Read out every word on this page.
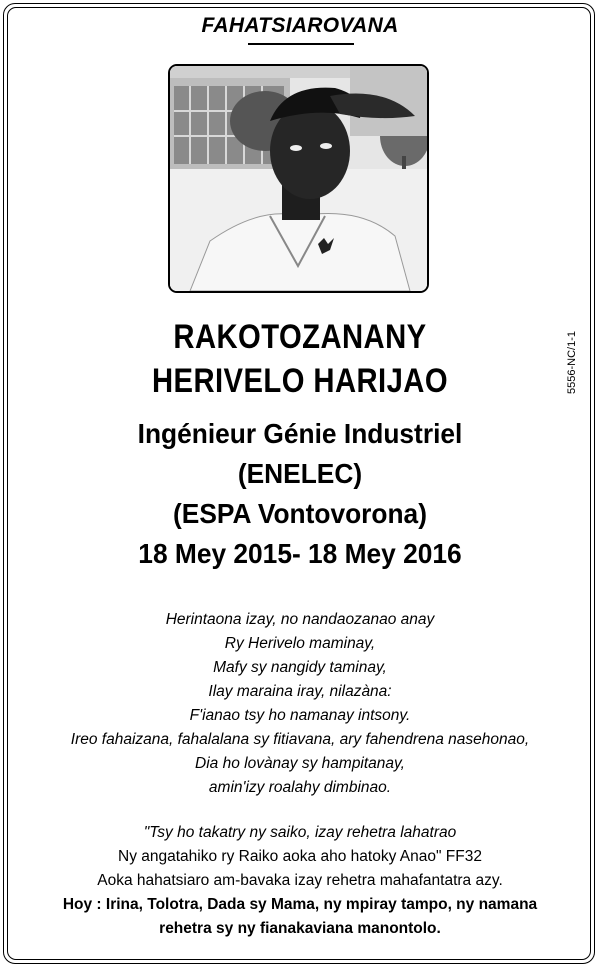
FAHATSIAROVANA
5556-NC/1-1
RAKOTOZANANY
HERIVELO HARIJAO
Ingénieur Génie Industriel
(ENELEC)
(ESPA Vontovorona)
18 Mey 2015- 18 Mey 2016
Herintaona izay, no nandaozanao anay
Ry Herivelo maminay,
Mafy sy nangidy taminay,
Ilay maraina iray, nilazàna:
F'ianao tsy ho namanay intsony.
Ireo fahaizana, fahalalana sy fitiavana, ary fahendrena nasehonao,
Dia ho lovànay sy hampitanay,
amin'izy roalahy dimbinao.
"Tsy ho takatry ny saiko, izay rehetra lahatrao
Ny angatahiko ry Raiko aoka aho hatoky Anao" FF32
Aoka hahatsiaro am-bavaka izay rehetra mahafantatra azy.
Hoy : Irina, Tolotra, Dada sy Mama, ny mpiray tampo, ny namana
rehetra sy ny fianakaviana manontolo.
